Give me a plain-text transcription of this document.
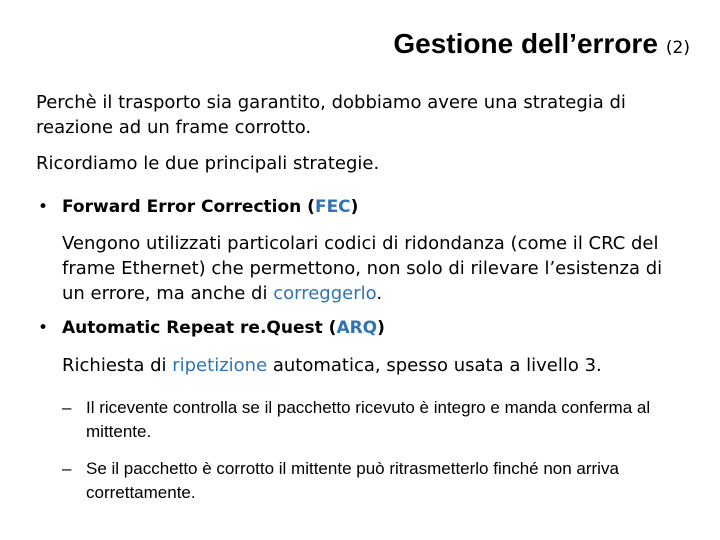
Gestione dell’errore (2)
Perchè il trasporto sia garantito, dobbiamo avere una strategia di reazione ad un frame corrotto.
Ricordiamo le due principali strategie.
• Forward Error Correction (FEC)
Vengono utilizzati particolari codici di ridondanza (come il CRC del frame Ethernet) che permettono, non solo di rilevare l’esistenza di un errore, ma anche di correggerlo.
• Automatic Repeat re.Quest (ARQ)
Richiesta di ripetizione automatica, spesso usata a livello 3.
– Il ricevente controlla se il pacchetto ricevuto è integro e manda conferma al mittente.
– Se il pacchetto è corrotto il mittente può ritrasmetterlo finché non arriva correttamente.
